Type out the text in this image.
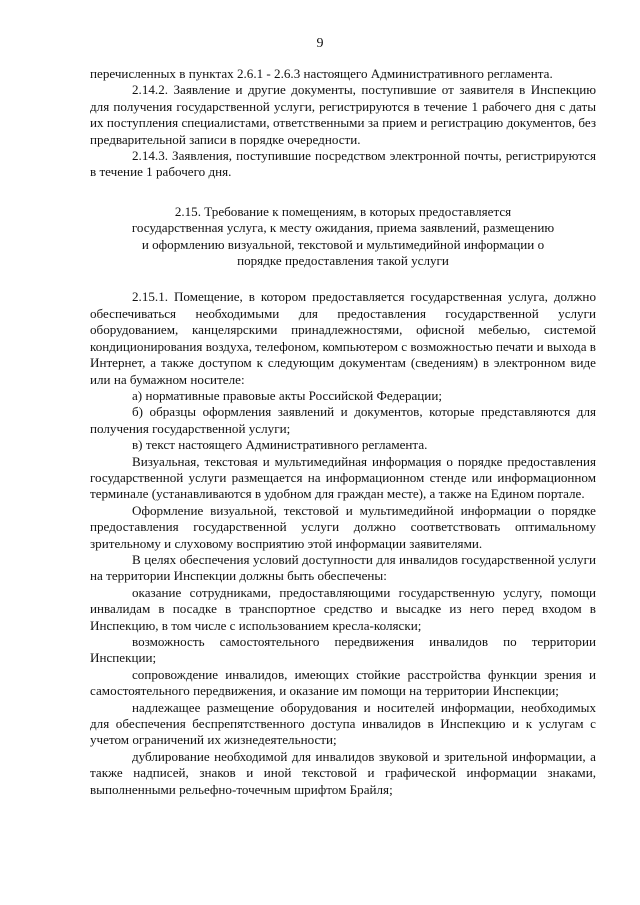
9

перечисленных в пунктах 2.6.1 - 2.6.3 настоящего Административного регламента.

2.14.2. Заявление и другие документы, поступившие от заявителя в Инспекцию для получения государственной услуги, регистрируются в течение 1 рабочего дня с даты их поступления специалистами, ответственными за прием и регистрацию документов, без предварительной записи в порядке очередности.

2.14.3. Заявления, поступившие посредством электронной почты, регистрируются в течение 1 рабочего дня.

2.15. Требование к помещениям, в которых предоставляется государственная услуга, к месту ожидания, приема заявлений, размещению и оформлению визуальной, текстовой и мультимедийной информации о порядке предоставления такой услуги

2.15.1. Помещение, в котором предоставляется государственная услуга, должно обеспечиваться необходимыми для предоставления государственной услуги оборудованием, канцелярскими принадлежностями, офисной мебелью, системой кондиционирования воздуха, телефоном, компьютером с возможностью печати и выхода в Интернет, а также доступом к следующим документам (сведениям) в электронном виде или на бумажном носителе:

а) нормативные правовые акты Российской Федерации;

б) образцы оформления заявлений и документов, которые представляются для получения государственной услуги;

в) текст настоящего Административного регламента.

Визуальная, текстовая и мультимедийная информация о порядке предоставления государственной услуги размещается на информационном стенде или информационном терминале (устанавливаются в удобном для граждан месте), а также на Едином портале.

Оформление визуальной, текстовой и мультимедийной информации о порядке предоставления государственной услуги должно соответствовать оптимальному зрительному и слуховому восприятию этой информации заявителями.

В целях обеспечения условий доступности для инвалидов государственной услуги на территории Инспекции должны быть обеспечены:

оказание сотрудниками, предоставляющими государственную услугу, помощи инвалидам в посадке в транспортное средство и высадке из него перед входом в Инспекцию, в том числе с использованием кресла-коляски;

возможность самостоятельного передвижения инвалидов по территории Инспекции;

сопровождение инвалидов, имеющих стойкие расстройства функции зрения и самостоятельного передвижения, и оказание им помощи на территории Инспекции;

надлежащее размещение оборудования и носителей информации, необходимых для обеспечения беспрепятственного доступа инвалидов в Инспекцию и к услугам с учетом ограничений их жизнедеятельности;

дублирование необходимой для инвалидов звуковой и зрительной информации, а также надписей, знаков и иной текстовой и графической информации знаками, выполненными рельефно-точечным шрифтом Брайля;
